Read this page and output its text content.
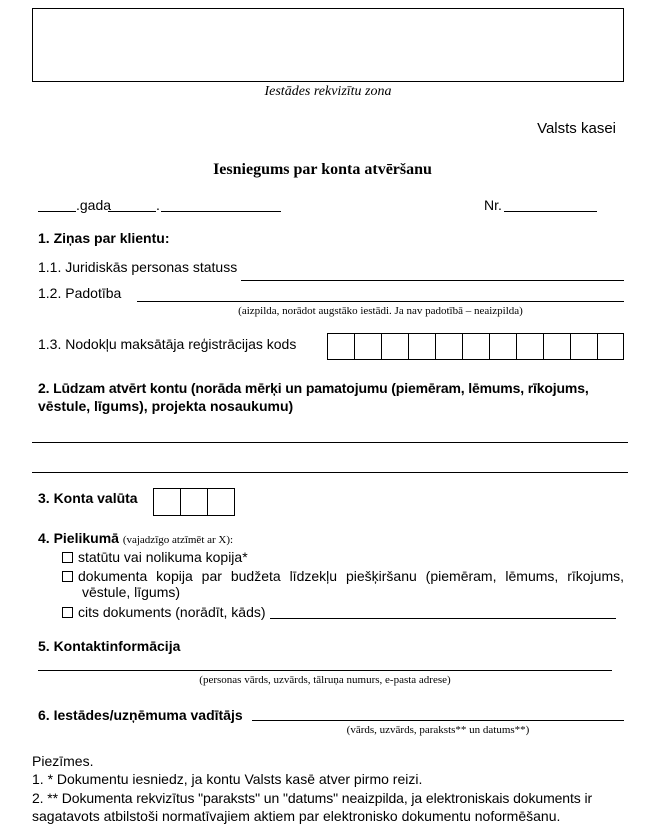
Iestādes rekvizītu zona
Valsts kasei
Iesniegums par konta atvēršanu
.gada	.	Nr.
1. Ziņas par klientu:
1.1. Juridiskās personas statuss
1.2. Padotība
(aizpilda, norādot augstāko iestādi. Ja nav padotībā – neaizpilda)
1.3. Nodokļu maksātāja reģistrācijas kods
2. Lūdzam atvērt kontu (norāda mērķi un pamatojumu (piemēram, lēmums, rīkojums,
vēstule, līgums), projekta nosaukumu)
3. Konta valūta
4. Pielikumā (vajadzīgo atzīmēt ar X):
statūtu vai nolikuma kopija*
dokumenta kopija par budžeta līdzekļu piešķiršanu (piemēram, lēmums, rīkojums,
vēstule, līgums)
cits dokuments (norādīt, kāds)
5. Kontaktinformācija
(personas vārds, uzvārds, tālruņa numurs, e-pasta adrese)
6. Iestādes/uzņēmuma vadītājs
(vārds, uzvārds, paraksts** un datums**)
Piezīmes.
1. * Dokumentu iesniedz, ja kontu Valsts kasē atver pirmo reizi.
2. ** Dokumenta rekvizītus "paraksts" un "datums" neaizpilda, ja elektroniskais dokuments ir
sagatavots atbilstoši normatīvajiem aktiem par elektronisko dokumentu noformēšanu.
